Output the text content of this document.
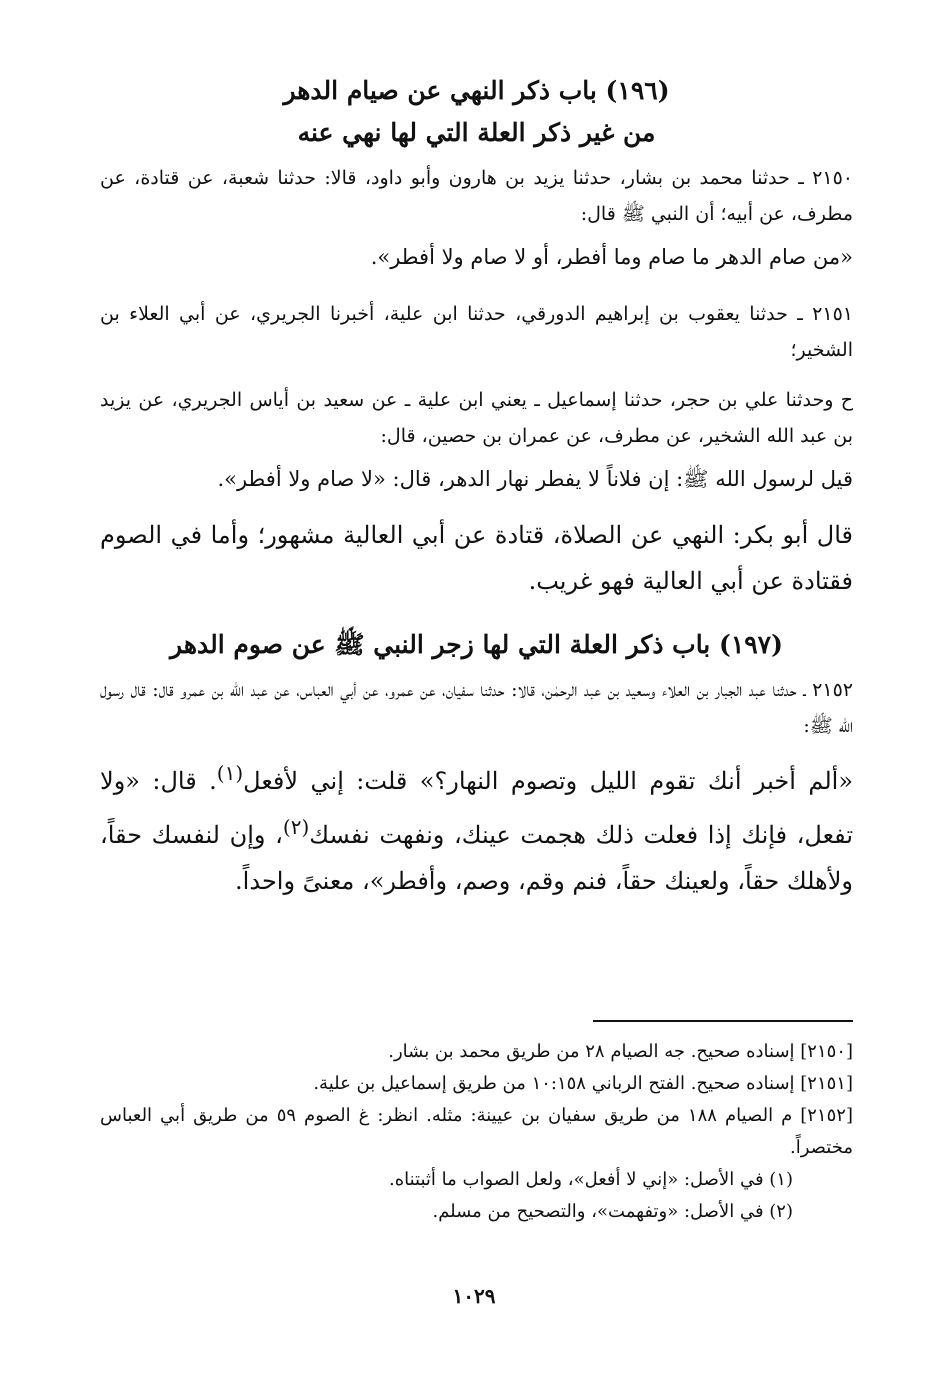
(١٩٦) باب ذكر النهي عن صيام الدهر

من غير ذكر العلة التي لها نهي عنه

٢١٥٠ ـ حدثنا محمد بن بشار، حدثنا يزيد بن هارون وأبو داود، قالا: حدثنا شعبة، عن قتادة، عن مطرف، عن أبيه؛ أن النبي ﷺ قال:

«من صام الدهر ما صام وما أفطر، أو لا صام ولا أفطر».

٢١٥١ ـ حدثنا يعقوب بن إبراهيم الدورقي، حدثنا ابن علية، أخبرنا الجريري، عن أبي العلاء بن الشخير؛

ح وحدثنا علي بن حجر، حدثنا إسماعيل ـ يعني ابن علية ـ عن سعيد بن أياس الجريري، عن يزيد بن عبد الله الشخير، عن مطرف، عن عمران بن حصين، قال:

قيل لرسول الله ﷺ: إن فلاناً لا يفطر نهار الدهر، قال: «لا صام ولا أفطر».

قال أبو بكر: النهي عن الصلاة، قتادة عن أبي العالية مشهور؛ وأما في الصوم فقتادة عن أبي العالية فهو غريب.

(١٩٧) باب ذكر العلة التي لها زجر النبي ﷺ عن صوم الدهر

٢١٥٢ ـ حدثنا عبد الجبار بن العلاء وسعيد بن عبد الرحمٰن، قالا: حدثنا سفيان، عن عمرو، عن أبي العباس، عن عبد الله بن عمرو قال: قال رسول الله ﷺ:

«ألم أخبر أنك تقوم الليل وتصوم النهار؟» قلت: إني لأفعل$^{(١)}$. قال: «ولا تفعل، فإنك إذا فعلت ذلك هجمت عينك، ونفهت نفسك$^{(٢)}$، وإن لنفسك حقاً، ولأهلك حقاً، ولعينك حقاً، فنم وقم، وصم، وأفطر»، معنىً واحداً.

[٢١٥٠] إسناده صحيح. جه الصيام ٢٨ من طريق محمد بن بشار.

[٢١٥١] إسناده صحيح. الفتح الرباني ١٠:١٥٨ من طريق إسماعيل بن علية.

[٢١٥٢] م الصيام ١٨٨ من طريق سفيان بن عيينة: مثله. انظر: غ الصوم ٥٩ من طريق أبي العباس مختصراً.

(١) في الأصل: «إني لا أفعل»، ولعل الصواب ما أثبتناه.

(٢) في الأصل: «وتفهمت»، والتصحيح من مسلم.

١٠٢٩
